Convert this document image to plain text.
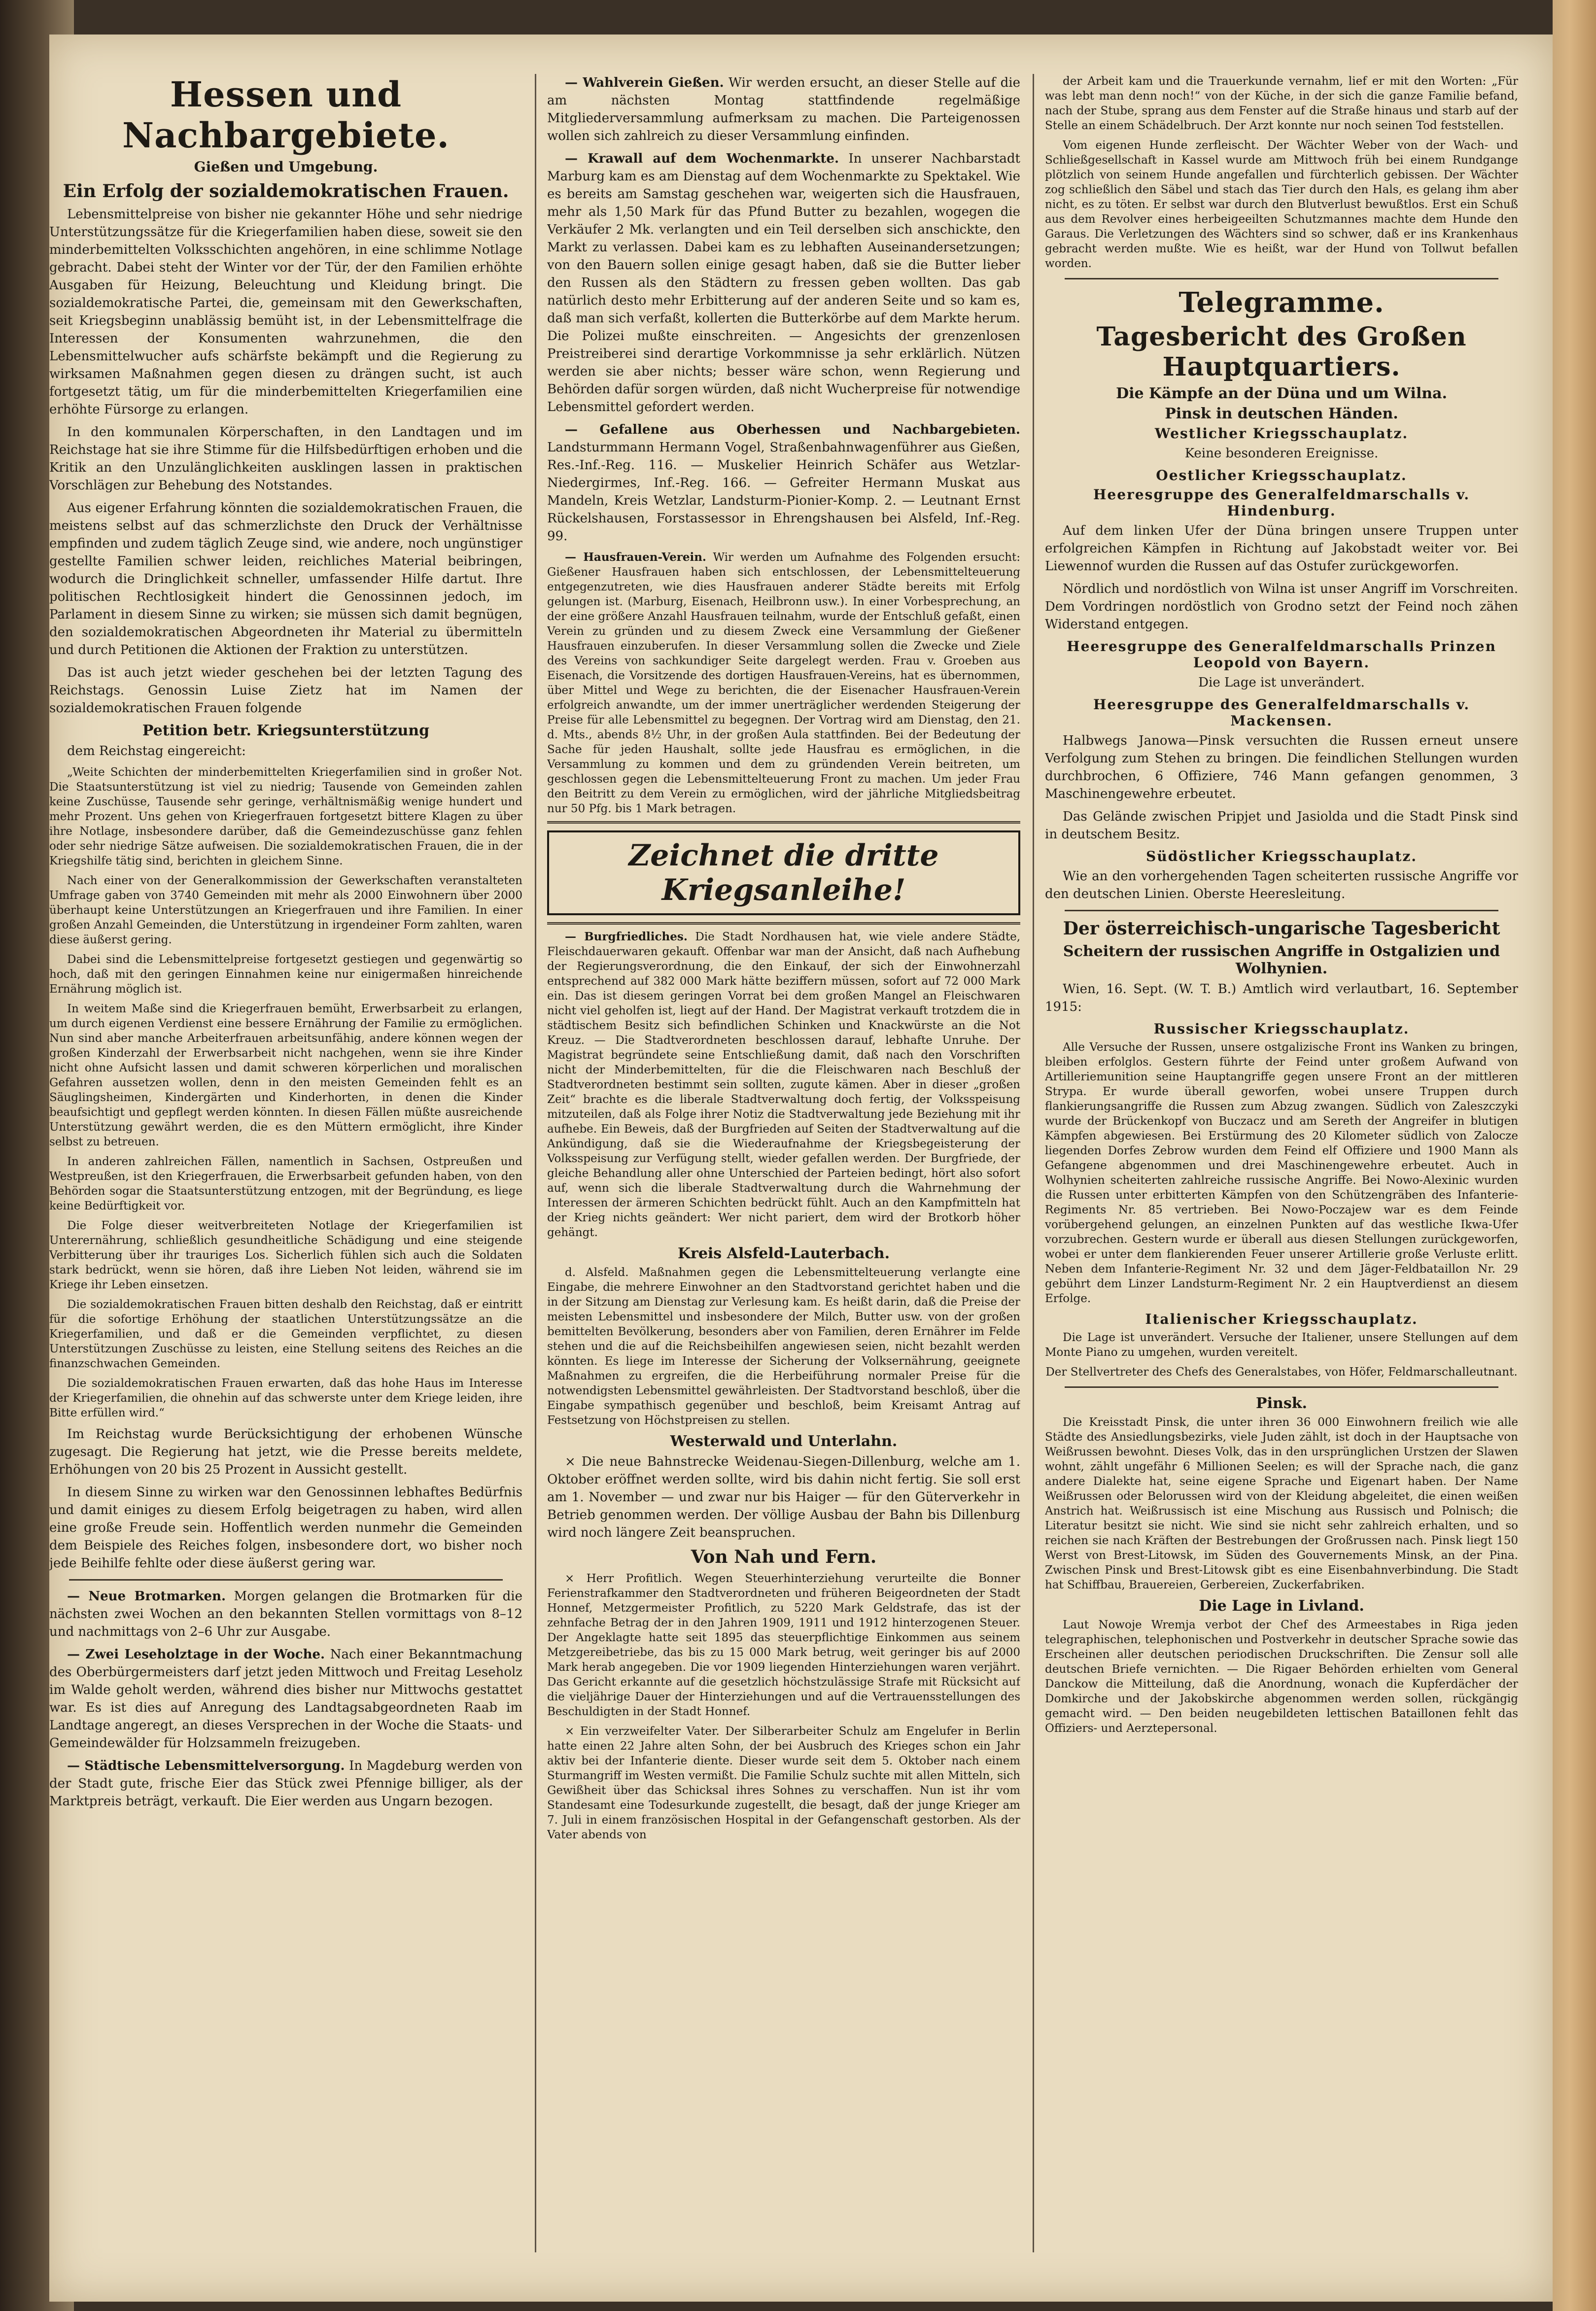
Hessen und Nachbargebiete.
Gießen und Umgebung.
Ein Erfolg der sozialdemokratischen Frauen.

Lebensmittelpreise von bisher nie gekannter Höhe und sehr niedrige Unterstützungssätze für die Kriegerfamilien haben diese, soweit sie den minderbemittelten Volksschichten angehören, in eine schlimme Notlage gebracht. Dabei steht der Winter vor der Tür, der den Familien erhöhte Ausgaben für Heizung, Beleuchtung und Kleidung bringt. Die sozialdemokratische Partei, die, gemeinsam mit den Gewerkschaften, seit Kriegsbeginn unablässig bemüht ist, in der Lebensmittelfrage die Interessen der Konsumenten wahrzunehmen, die den Lebensmittelwucher aufs schärfste bekämpft und die Regierung zu wirksamen Maßnahmen gegen diesen zu drängen sucht, ist auch fortgesetzt tätig, um für die minderbemittelten Kriegerfamilien eine erhöhte Fürsorge zu erlangen.

In den kommunalen Körperschaften, in den Landtagen und im Reichstage hat sie ihre Stimme für die Hilfsbedürftigen erhoben und die Kritik an den Unzulänglichkeiten ausklingen lassen in praktischen Vorschlägen zur Behebung des Notstandes.

Aus eigener Erfahrung könnten die sozialdemokratischen Frauen, die meistens selbst auf das schmerzlichste den Druck der Verhältnisse empfinden und zudem täglich Zeuge sind, wie andere, noch ungünstiger gestellte Familien schwer leiden, reichliches Material beibringen, wodurch die Dringlichkeit schneller, umfassender Hilfe dartut. Ihre politischen Rechtlosigkeit hindert die Genossinnen jedoch, im Parlament in diesem Sinne zu wirken; sie müssen sich damit begnügen, den sozialdemokratischen Abgeordneten ihr Material zu übermitteln und durch Petitionen die Aktionen der Fraktion zu unterstützen.

Das ist auch jetzt wieder geschehen bei der letzten Tagung des Reichstags. Genossin Luise Zietz hat im Namen der sozialdemokratischen Frauen folgende

Petition betr. Kriegsunterstützung

dem Reichstag eingereicht:

„Weite Schichten der minderbemittelten Kriegerfamilien sind in großer Not. Die Staatsunterstützung ist viel zu niedrig; Tausende von Gemeinden zahlen keine Zuschüsse, Tausende sehr geringe, verhältnismäßig wenige hundert und mehr Prozent. Uns gehen von Kriegerfrauen fortgesetzt bittere Klagen zu über ihre Notlage, insbesondere darüber, daß die Gemeindezuschüsse ganz fehlen oder sehr niedrige Sätze aufweisen. Die sozialdemokratischen Frauen, die in der Kriegshilfe tätig sind, berichten in gleichem Sinne.

Nach einer von der Generalkommission der Gewerkschaften veranstalteten Umfrage gaben von 3740 Gemeinden mit mehr als 2000 Einwohnern über 2000 überhaupt keine Unterstützungen an Kriegerfrauen und ihre Familien. In einer großen Anzahl Gemeinden, die Unterstützung in irgendeiner Form zahlten, waren diese äußerst gering.

Dabei sind die Lebensmittelpreise fortgesetzt gestiegen und gegenwärtig so hoch, daß mit den geringen Einnahmen keine nur einigermaßen hinreichende Ernährung möglich ist.

In weitem Maße sind die Kriegerfrauen bemüht, Erwerbsarbeit zu erlangen, um durch eigenen Verdienst eine bessere Ernährung der Familie zu ermöglichen. Nun sind aber manche Arbeiterfrauen arbeitsunfähig, andere können wegen der großen Kinderzahl der Erwerbsarbeit nicht nachgehen, wenn sie ihre Kinder nicht ohne Aufsicht lassen und damit schweren körperlichen und moralischen Gefahren aussetzen wollen, denn in den meisten Gemeinden fehlt es an Säuglingsheimen, Kindergärten und Kinderhorten, in denen die Kinder beaufsichtigt und gepflegt werden könnten. In diesen Fällen müßte ausreichende Unterstützung gewährt werden, die es den Müttern ermöglicht, ihre Kinder selbst zu betreuen.

In anderen zahlreichen Fällen, namentlich in Sachsen, Ostpreußen und Westpreußen, ist den Kriegerfrauen, die Erwerbsarbeit gefunden haben, von den Behörden sogar die Staatsunterstützung entzogen, mit der Begründung, es liege keine Bedürftigkeit vor.

Die Folge dieser weitverbreiteten Notlage der Kriegerfamilien ist Unterernährung, schließlich gesundheitliche Schädigung und eine steigende Verbitterung über ihr trauriges Los. Sicherlich fühlen sich auch die Soldaten stark bedrückt, wenn sie hören, daß ihre Lieben Not leiden, während sie im Kriege ihr Leben einsetzen.

Die sozialdemokratischen Frauen bitten deshalb den Reichstag, daß er eintritt für die sofortige Erhöhung der staatlichen Unterstützungssätze an die Kriegerfamilien, und daß er die Gemeinden verpflichtet, zu diesen Unterstützungen Zuschüsse zu leisten, eine Stellung seitens des Reiches an die finanzschwachen Gemeinden.

Die sozialdemokratischen Frauen erwarten, daß das hohe Haus im Interesse der Kriegerfamilien, die ohnehin auf das schwerste unter dem Kriege leiden, ihre Bitte erfüllen wird.“

Im Reichstag wurde Berücksichtigung der erhobenen Wünsche zugesagt. Die Regierung hat jetzt, wie die Presse bereits meldete, Erhöhungen von 20 bis 25 Prozent in Aussicht gestellt.

In diesem Sinne zu wirken war den Genossinnen lebhaftes Bedürfnis und damit einiges zu diesem Erfolg beigetragen zu haben, wird allen eine große Freude sein. Hoffentlich werden nunmehr die Gemeinden dem Beispiele des Reiches folgen, insbesondere dort, wo bisher noch jede Beihilfe fehlte oder diese äußerst gering war.

— Neue Brotmarken. Morgen gelangen die Brotmarken für die nächsten zwei Wochen an den bekannten Stellen vormittags von 8–12 und nachmittags von 2–6 Uhr zur Ausgabe.

— Zwei Leseholztage in der Woche. Nach einer Bekanntmachung des Oberbürgermeisters darf jetzt jeden Mittwoch und Freitag Leseholz im Walde geholt werden, während dies bisher nur Mittwochs gestattet war. Es ist dies auf Anregung des Landtagsabgeordneten Raab im Landtage angeregt, an dieses Versprechen in der Woche die Staats- und Gemeindewälder für Holzsammeln freizugeben.

— Städtische Lebensmittelversorgung. In Magdeburg werden von der Stadt gute, frische Eier das Stück zwei Pfennige billiger, als der Marktpreis beträgt, verkauft. Die Eier werden aus Ungarn bezogen.

— Wahlverein Gießen. Wir werden ersucht, an dieser Stelle auf die am nächsten Montag stattfindende regelmäßige Mitgliederversammlung aufmerksam zu machen. Die Parteigenossen wollen sich zahlreich zu dieser Versammlung einfinden.

— Krawall auf dem Wochenmarkte. In unserer Nachbarstadt Marburg kam es am Dienstag auf dem Wochenmarkte zu Spektakel. Wie es bereits am Samstag geschehen war, weigerten sich die Hausfrauen, mehr als 1,50 Mark für das Pfund Butter zu bezahlen, wogegen die Verkäufer 2 Mk. verlangten und ein Teil derselben sich anschickte, den Markt zu verlassen. Dabei kam es zu lebhaften Auseinandersetzungen; von den Bauern sollen einige gesagt haben, daß sie die Butter lieber den Russen als den Städtern zu fressen geben wollten. Das gab natürlich desto mehr Erbitterung auf der anderen Seite und so kam es, daß man sich verfaßt, kollerten die Butterkörbe auf dem Markte herum. Die Polizei mußte einschreiten. — Angesichts der grenzenlosen Preistreiberei sind derartige Vorkommnisse ja sehr erklärlich. Nützen werden sie aber nichts; besser wäre schon, wenn Regierung und Behörden dafür sorgen würden, daß nicht Wucherpreise für notwendige Lebensmittel gefordert werden.

— Gefallene aus Oberhessen und Nachbargebieten. Landsturmmann Hermann Vogel, Straßenbahnwagenführer aus Gießen, Res.-Inf.-Reg. 116. — Muskelier Heinrich Schäfer aus Wetzlar-Niedergirmes, Inf.-Reg. 166. — Gefreiter Hermann Muskat aus Mandeln, Kreis Wetzlar, Landsturm-Pionier-Komp. 2. — Leutnant Ernst Rückelshausen, Forstassessor in Ehrengshausen bei Alsfeld, Inf.-Reg. 99.

— Hausfrauen-Verein. Wir werden um Aufnahme des Folgenden ersucht: Gießener Hausfrauen haben sich entschlossen, der Lebensmittelteuerung entgegenzutreten, wie dies Hausfrauen anderer Städte bereits mit Erfolg gelungen ist. (Marburg, Eisenach, Heilbronn usw.). In einer Vorbesprechung, an der eine größere Anzahl Hausfrauen teilnahm, wurde der Entschluß gefaßt, einen Verein zu gründen und zu diesem Zweck eine Versammlung der Gießener Hausfrauen einzuberufen. In dieser Versammlung sollen die Zwecke und Ziele des Vereins von sachkundiger Seite dargelegt werden. Frau v. Groeben aus Eisenach, die Vorsitzende des dortigen Hausfrauen-Vereins, hat es übernommen, über Mittel und Wege zu berichten, die der Eisenacher Hausfrauen-Verein erfolgreich anwandte, um der immer unerträglicher werdenden Steigerung der Preise für alle Lebensmittel zu begegnen. Der Vortrag wird am Dienstag, den 21. d. Mts., abends 8½ Uhr, in der großen Aula stattfinden. Bei der Bedeutung der Sache für jeden Haushalt, sollte jede Hausfrau es ermöglichen, in die Versammlung zu kommen und dem zu gründenden Verein beitreten, um geschlossen gegen die Lebensmittelteuerung Front zu machen. Um jeder Frau den Beitritt zu dem Verein zu ermöglichen, wird der jährliche Mitgliedsbeitrag nur 50 Pfg. bis 1 Mark betragen.

Zeichnet die dritte Kriegsanleihe!

— Burgfriedliches. Die Stadt Nordhausen hat, wie viele andere Städte, Fleischdauerwaren gekauft. Offenbar war man der Ansicht, daß nach Aufhebung der Regierungsverordnung, die den Einkauf, der sich der Einwohnerzahl entsprechend auf 382 000 Mark hätte beziffern müssen, sofort auf 72 000 Mark ein. Das ist diesem geringen Vorrat bei dem großen Mangel an Fleischwaren nicht viel geholfen ist, liegt auf der Hand. Der Magistrat verkauft trotzdem die in städtischem Besitz sich befindlichen Schinken und Knackwürste an die Not Kreuz. — Die Stadtverordneten beschlossen darauf, lebhafte Unruhe. Der Magistrat begründete seine Entschließung damit, daß nach den Vorschriften nicht der Minderbemittelten, für die die Fleischwaren nach Beschluß der Stadtverordneten bestimmt sein sollten, zugute kämen. Aber in dieser „großen Zeit“ brachte es die liberale Stadtverwaltung doch fertig, der Volksspeisung mitzuteilen, daß als Folge ihrer Notiz die Stadtverwaltung jede Beziehung mit ihr aufhebe. Ein Beweis, daß der Burgfrieden auf Seiten der Stadtverwaltung auf die Ankündigung, daß sie die Wiederaufnahme der Kriegsbegeisterung der Volksspeisung zur Verfügung stellt, wieder gefallen werden. Der Burgfriede, der gleiche Behandlung aller ohne Unterschied der Parteien bedingt, hört also sofort auf, wenn sich die liberale Stadtverwaltung durch die Wahrnehmung der Interessen der ärmeren Schichten bedrückt fühlt. Auch an den Kampfmitteln hat der Krieg nichts geändert: Wer nicht pariert, dem wird der Brotkorb höher gehängt.

Kreis Alsfeld-Lauterbach.

d. Alsfeld. Maßnahmen gegen die Lebensmittelteuerung verlangte eine Eingabe, die mehrere Einwohner an den Stadtvorstand gerichtet haben und die in der Sitzung am Dienstag zur Verlesung kam. Es heißt darin, daß die Preise der meisten Lebensmittel und insbesondere der Milch, Butter usw. von der großen bemittelten Bevölkerung, besonders aber von Familien, deren Ernährer im Felde stehen und die auf die Reichsbeihilfen angewiesen seien, nicht bezahlt werden könnten. Es liege im Interesse der Sicherung der Volksernährung, geeignete Maßnahmen zu ergreifen, die die Herbeiführung normaler Preise für die notwendigsten Lebensmittel gewährleisten. Der Stadtvorstand beschloß, über die Eingabe sympathisch gegenüber und beschloß, beim Kreisamt Antrag auf Festsetzung von Höchstpreisen zu stellen.

Westerwald und Unterlahn.

× Die neue Bahnstrecke Weidenau-Siegen-Dillenburg, welche am 1. Oktober eröffnet werden sollte, wird bis dahin nicht fertig. Sie soll erst am 1. November — und zwar nur bis Haiger — für den Güterverkehr in Betrieb genommen werden. Der völlige Ausbau der Bahn bis Dillenburg wird noch längere Zeit beanspruchen.

Von Nah und Fern.

× Herr Profitlich. Wegen Steuerhinterziehung verurteilte die Bonner Ferienstrafkammer den Stadtverordneten und früheren Beigeordneten der Stadt Honnef, Metzgermeister Profitlich, zu 5220 Mark Geldstrafe, das ist der zehnfache Betrag der in den Jahren 1909, 1911 und 1912 hinterzogenen Steuer. Der Angeklagte hatte seit 1895 das steuerpflichtige Einkommen aus seinem Metzgereibetriebe, das bis zu 15 000 Mark betrug, weit geringer bis auf 2000 Mark herab angegeben. Die vor 1909 liegenden Hinterziehungen waren verjährt. Das Gericht erkannte auf die gesetzlich höchstzulässige Strafe mit Rücksicht auf die vieljährige Dauer der Hinterziehungen und auf die Vertrauensstellungen des Beschuldigten in der Stadt Honnef.

× Ein verzweifelter Vater. Der Silberarbeiter Schulz am Engelufer in Berlin hatte einen 22 Jahre alten Sohn, der bei Ausbruch des Krieges schon ein Jahr aktiv bei der Infanterie diente. Dieser wurde seit dem 5. Oktober nach einem Sturmangriff im Westen vermißt. Die Familie Schulz suchte mit allen Mitteln, sich Gewißheit über das Schicksal ihres Sohnes zu verschaffen. Nun ist ihr vom Standesamt eine Todesurkunde zugestellt, die besagt, daß der junge Krieger am 7. Juli in einem französischen Hospital in der Gefangenschaft gestorben. Als der Vater abends von

der Arbeit kam und die Trauerkunde vernahm, lief er mit den Worten: „Für was lebt man denn noch!“ von der Küche, in der sich die ganze Familie befand, nach der Stube, sprang aus dem Fenster auf die Straße hinaus und starb auf der Stelle an einem Schädelbruch. Der Arzt konnte nur noch seinen Tod feststellen.

Vom eigenen Hunde zerfleischt. Der Wächter Weber von der Wach- und Schließgesellschaft in Kassel wurde am Mittwoch früh bei einem Rundgange plötzlich von seinem Hunde angefallen und fürchterlich gebissen. Der Wächter zog schließlich den Säbel und stach das Tier durch den Hals, es gelang ihm aber nicht, es zu töten. Er selbst war durch den Blutverlust bewußtlos. Erst ein Schuß aus dem Revolver eines herbeigeeilten Schutzmannes machte dem Hunde den Garaus. Die Verletzungen des Wächters sind so schwer, daß er ins Krankenhaus gebracht werden mußte. Wie es heißt, war der Hund von Tollwut befallen worden.

Telegramme.
Tagesbericht des Großen Hauptquartiers.
Die Kämpfe an der Düna und um Wilna.
Pinsk in deutschen Händen.
Westlicher Kriegsschauplatz.

Keine besonderen Ereignisse.

Oestlicher Kriegsschauplatz.
Heeresgruppe des Generalfeldmarschalls v. Hindenburg.

Auf dem linken Ufer der Düna bringen unsere Truppen unter erfolgreichen Kämpfen in Richtung auf Jakobstadt weiter vor. Bei Liewennof wurden die Russen auf das Ostufer zurückgeworfen.

Nördlich und nordöstlich von Wilna ist unser Angriff im Vorschreiten. Dem Vordringen nordöstlich von Grodno setzt der Feind noch zähen Widerstand entgegen.

Heeresgruppe des Generalfeldmarschalls Prinzen Leopold von Bayern.

Die Lage ist unverändert.

Heeresgruppe des Generalfeldmarschalls v. Mackensen.

Halbwegs Janowa—Pinsk versuchten die Russen erneut unsere Verfolgung zum Stehen zu bringen. Die feindlichen Stellungen wurden durchbrochen, 6 Offiziere, 746 Mann gefangen genommen, 3 Maschinengewehre erbeutet.

Das Gelände zwischen Pripjet und Jasiolda und die Stadt Pinsk sind in deutschem Besitz.

Südöstlicher Kriegsschauplatz.

Wie an den vorhergehenden Tagen scheiterten russische Angriffe vor den deutschen Linien. Oberste Heeresleitung.

Der österreichisch-ungarische Tagesbericht
Scheitern der russischen Angriffe in Ostgalizien und Wolhynien.

Wien, 16. Sept. (W. T. B.) Amtlich wird verlautbart, 16. September 1915:

Russischer Kriegsschauplatz.

Alle Versuche der Russen, unsere ostgalizische Front ins Wanken zu bringen, bleiben erfolglos. Gestern führte der Feind unter großem Aufwand von Artilleriemunition seine Hauptangriffe gegen unsere Front an der mittleren Strypa. Er wurde überall geworfen, wobei unsere Truppen durch flankierungsangriffe die Russen zum Abzug zwangen. Südlich von Zaleszczyki wurde der Brückenkopf von Buczacz und am Sereth der Angreifer in blutigen Kämpfen abgewiesen. Bei Erstürmung des 20 Kilometer südlich von Zalocze liegenden Dorfes Zebrow wurden dem Feind elf Offiziere und 1900 Mann als Gefangene abgenommen und drei Maschinengewehre erbeutet. Auch in Wolhynien scheiterten zahlreiche russische Angriffe. Bei Nowo-Alexinic wurden die Russen unter erbitterten Kämpfen von den Schützengräben des Infanterie-Regiments Nr. 85 vertrieben. Bei Nowo-Poczajew war es dem Feinde vorübergehend gelungen, an einzelnen Punkten auf das westliche Ikwa-Ufer vorzubrechen. Gestern wurde er überall aus diesen Stellungen zurückgeworfen, wobei er unter dem flankierenden Feuer unserer Artillerie große Verluste erlitt. Neben dem Infanterie-Regiment Nr. 32 und dem Jäger-Feldbataillon Nr. 29 gebührt dem Linzer Landsturm-Regiment Nr. 2 ein Hauptverdienst an diesem Erfolge.

Italienischer Kriegsschauplatz.

Die Lage ist unverändert. Versuche der Italiener, unsere Stellungen auf dem Monte Piano zu umgehen, wurden vereitelt.

Der Stellvertreter des Chefs des Generalstabes, von Höfer, Feldmarschalleutnant.

Pinsk.

Die Kreisstadt Pinsk, die unter ihren 36 000 Einwohnern freilich wie alle Städte des Ansiedlungsbezirks, viele Juden zählt, ist doch in der Hauptsache von Weißrussen bewohnt. Dieses Volk, das in den ursprünglichen Urstzen der Slawen wohnt, zählt ungefähr 6 Millionen Seelen; es will der Sprache nach, die ganz andere Dialekte hat, seine eigene Sprache und Eigenart haben. Der Name Weißrussen oder Belorussen wird von der Kleidung abgeleitet, die einen weißen Anstrich hat. Weißrussisch ist eine Mischung aus Russisch und Polnisch; die Literatur besitzt sie nicht. Wie sind sie nicht sehr zahlreich erhalten, und so reichen sie nach Kräften der Bestrebungen der Großrussen nach. Pinsk liegt 150 Werst von Brest-Litowsk, im Süden des Gouvernements Minsk, an der Pina. Zwischen Pinsk und Brest-Litowsk gibt es eine Eisenbahnverbindung. Die Stadt hat Schiffbau, Brauereien, Gerbereien, Zuckerfabriken.

Die Lage in Livland.

Laut Nowoje Wremja verbot der Chef des Armeestabes in Riga jeden telegraphischen, telephonischen und Postverkehr in deutscher Sprache sowie das Erscheinen aller deutschen periodischen Druckschriften. Die Zensur soll alle deutschen Briefe vernichten. — Die Rigaer Behörden erhielten vom General Danckow die Mitteilung, daß die Anordnung, wonach die Kupferdächer der Domkirche und der Jakobskirche abgenommen werden sollen, rückgängig gemacht wird. — Den beiden neugebildeten lettischen Bataillonen fehlt das Offiziers- und Aerztepersonal.
